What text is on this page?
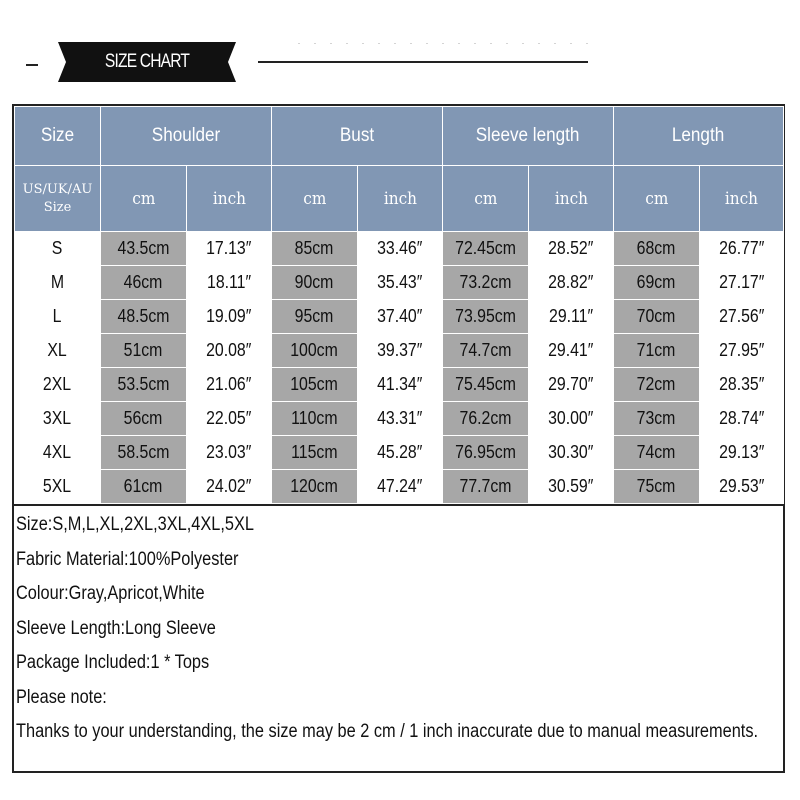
SIZE CHART
Size	Shoulder		Bust		Sleeve length		Length	
US/UK/AU Size	cm	inch	cm	inch	cm	inch	cm	inch
S	43.5cm	17.13″	85cm	33.46″	72.45cm	28.52″	68cm	26.77″
M	46cm	18.11″	90cm	35.43″	73.2cm	28.82″	69cm	27.17″
L	48.5cm	19.09″	95cm	37.40″	73.95cm	29.11″	70cm	27.56″
XL	51cm	20.08″	100cm	39.37″	74.7cm	29.41″	71cm	27.95″
2XL	53.5cm	21.06″	105cm	41.34″	75.45cm	29.70″	72cm	28.35″
3XL	56cm	22.05″	110cm	43.31″	76.2cm	30.00″	73cm	28.74″
4XL	58.5cm	23.03″	115cm	45.28″	76.95cm	30.30″	74cm	29.13″
5XL	61cm	24.02″	120cm	47.24″	77.7cm	30.59″	75cm	29.53″
Size:S,M,L,XL,2XL,3XL,4XL,5XL
Fabric Material:100%Polyester
Colour:Gray,Apricot,White
Sleeve Length:Long Sleeve
Package Included:1 * Tops
Please note:
Thanks to your understanding, the size may be 2 cm / 1 inch inaccurate due to manual measurements.
